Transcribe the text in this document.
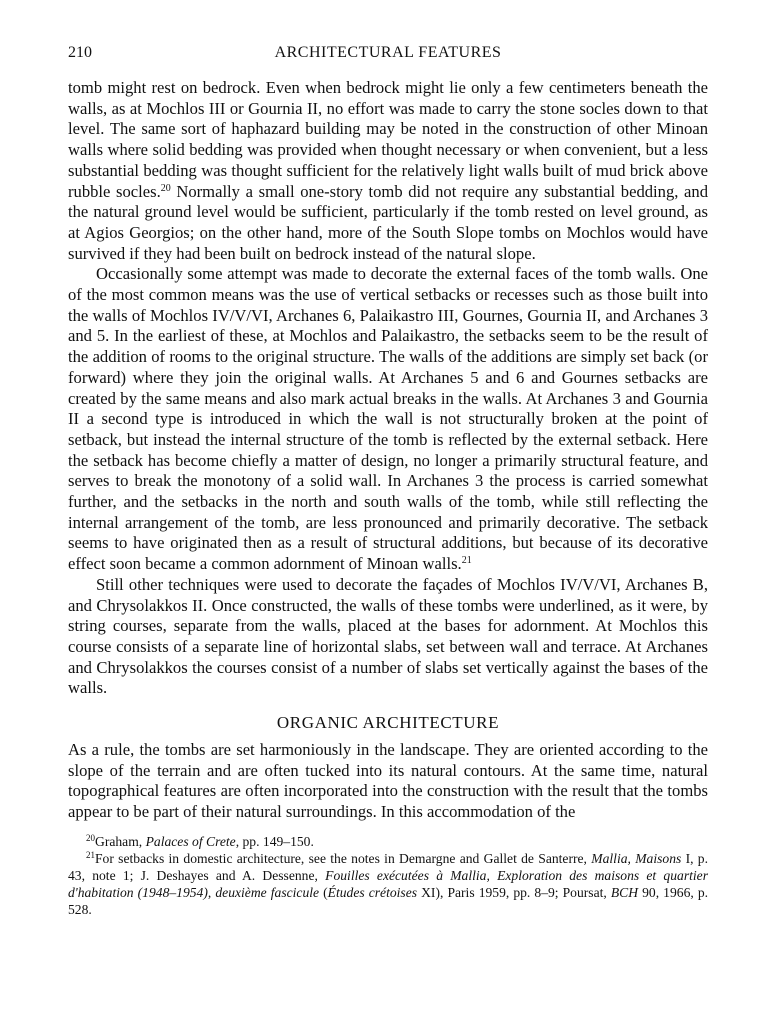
210	ARCHITECTURAL FEATURES

tomb might rest on bedrock. Even when bedrock might lie only a few centimeters beneath the walls, as at Mochlos III or Gournia II, no effort was made to carry the stone socles down to that level. The same sort of haphazard building may be noted in the construction of other Minoan walls where solid bedding was provided when thought necessary or when convenient, but a less substantial bedding was thought sufficient for the relatively light walls built of mud brick above rubble socles.$^{20}$ Normally a small one-story tomb did not require any substantial bedding, and the natural ground level would be sufficient, particularly if the tomb rested on level ground, as at Agios Georgios; on the other hand, more of the South Slope tombs on Mochlos would have survived if they had been built on bedrock instead of the natural slope.

Occasionally some attempt was made to decorate the external faces of the tomb walls. One of the most common means was the use of vertical setbacks or recesses such as those built into the walls of Mochlos IV/V/VI, Archanes 6, Palaikastro III, Gournes, Gournia II, and Archanes 3 and 5. In the earliest of these, at Mochlos and Palaikastro, the setbacks seem to be the result of the addition of rooms to the original structure. The walls of the additions are simply set back (or forward) where they join the original walls. At Archanes 5 and 6 and Gournes setbacks are created by the same means and also mark actual breaks in the walls. At Archanes 3 and Gournia II a second type is introduced in which the wall is not structurally broken at the point of setback, but instead the internal structure of the tomb is reflected by the external setback. Here the setback has become chiefly a matter of design, no longer a primarily structural feature, and serves to break the monotony of a solid wall. In Archanes 3 the process is carried somewhat further, and the setbacks in the north and south walls of the tomb, while still reflecting the internal arrangement of the tomb, are less pronounced and primarily decorative. The setback seems to have originated then as a result of structural additions, but because of its decorative effect soon became a common adornment of Minoan walls.$^{21}$

Still other techniques were used to decorate the façades of Mochlos IV/V/VI, Archanes B, and Chrysolakkos II. Once constructed, the walls of these tombs were underlined, as it were, by string courses, separate from the walls, placed at the bases for adornment. At Mochlos this course consists of a separate line of horizontal slabs, set between wall and terrace. At Archanes and Chrysolakkos the courses consist of a number of slabs set vertically against the bases of the walls.

ORGANIC ARCHITECTURE

As a rule, the tombs are set harmoniously in the landscape. They are oriented according to the slope of the terrain and are often tucked into its natural contours. At the same time, natural topographical features are often incorporated into the construction with the result that the tombs appear to be part of their natural surroundings. In this accommodation of the

$^{20}$Graham, Palaces of Crete, pp. 149–150.

$^{21}$For setbacks in domestic architecture, see the notes in Demargne and Gallet de Santerre, Mallia, Maisons I, p. 43, note 1; J. Deshayes and A. Dessenne, Fouilles exécutées à Mallia, Exploration des maisons et quartier d'habitation (1948–1954), deuxième fascicule (Études crétoises XI), Paris 1959, pp. 8–9; Poursat, BCH 90, 1966, p. 528.
